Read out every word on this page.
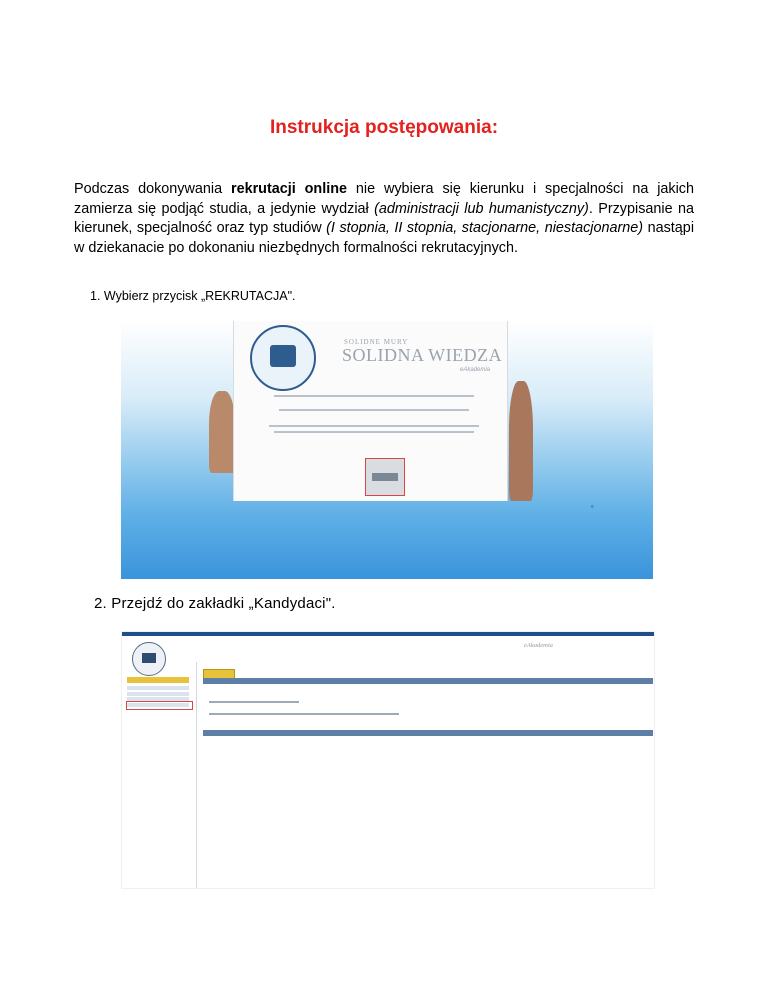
Instrukcja postępowania:
Podczas dokonywania rekrutacji online nie wybiera się kierunku i specjalności na jakich zamierza się podjąć studia, a jedynie wydział (administracji lub humanistyczny). Przypisanie na kierunek, specjalność oraz typ studiów (I stopnia, II stopnia, stacjonarne, niestacjonarne) nastąpi w dziekanacie po dokonaniu niezbędnych formalności rekrutacyjnych.
1. Wybierz przycisk „REKRUTACJA".
SOLIDNE MURY
SOLIDNA WIEDZA
eAkademia
©
2. Przejdź do zakładki „Kandydaci".
eAkademia
